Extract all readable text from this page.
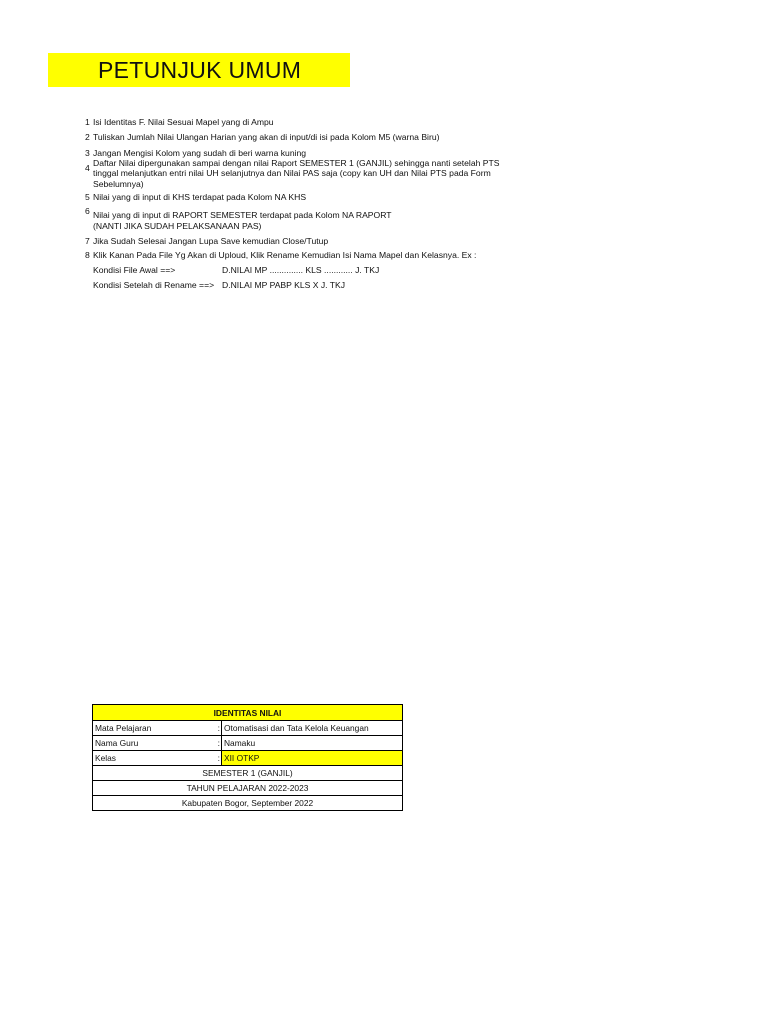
PETUNJUK UMUM
1 Isi Identitas F. Nilai Sesuai Mapel yang di Ampu
2 Tuliskan Jumlah Nilai Ulangan Harian yang akan di input/di isi pada Kolom M5 (warna Biru)
3 Jangan Mengisi Kolom yang sudah di beri warna kuning
4 Daftar Nilai dipergunakan sampai dengan nilai Raport SEMESTER 1 (GANJIL) sehingga nanti setelah PTS
tinggal melanjutkan entri nilai UH selanjutnya dan Nilai PAS saja (copy kan UH dan Nilai PTS pada Form
Sebelumnya)
5 Nilai yang di input di KHS terdapat pada Kolom NA KHS
6 Nilai yang di input di RAPORT SEMESTER terdapat pada Kolom NA RAPORT
(NANTI JIKA SUDAH PELAKSANAAN PAS)
7 Jika Sudah Selesai Jangan Lupa Save kemudian Close/Tutup
8 Klik Kanan Pada File Yg Akan di Uploud, Klik Rename Kemudian Isi Nama Mapel dan Kelasnya. Ex :
Kondisi File Awal ==>	D.NILAI MP .............. KLS ............ J. TKJ
Kondisi Setelah di Rename ==> D.NILAI MP PABP KLS X J. TKJ
IDENTITAS NILAI		
Mata Pelajaran	:	Otomatisasi dan Tata Kelola Keuangan
Nama Guru	:	Namaku
Kelas	:	XII OTKP
SEMESTER 1 (GANJIL)		
TAHUN PELAJARAN 2022-2023		
Kabupaten Bogor, September 2022		
